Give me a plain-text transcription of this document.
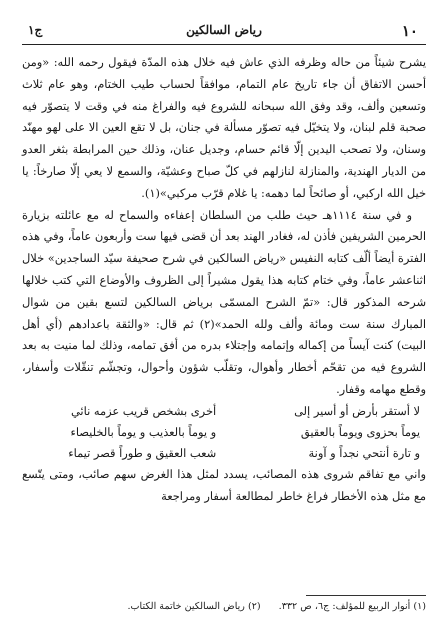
١٠
رياض السالكين
ج١

يشرح شيئاً من حاله وظرفه الذي عاش فيه خلال هذه المدّة فيقول رحمه الله: «ومن أحسن الاتفاق أن جاء تاريخ عام التمام، موافقاً لحساب طيب الختام، وهو عام ثلاث وتسعين وألف، وقد وفق الله سبحانه للشروع فيه والفراغ منه في وقت لا يتصوّر فيه صحبة قلم لبنان، ولا يتخيّل فيه تصوّر مسألة في جنان، بل لا تقع العين الا على لهو مهنّد وسنان، ولا تصحب اليدين إلّا قائم حسام، وجديل عنان، وذلك حين المرابطة بثغر العدو من الديار الهندية، والمنازلة لنازلهم في كلّ صباح وعشيّة، والسمع لا يعي إلّا صارخاً: يا خيل الله اركبي، أو صائحاً لما دهمه: يا غلام قرّب مركبي»(١).

و في سنة ١١١٤هـ حيث طلب من السلطان إعفاءه والسماح له مع عائلته بزيارة الحرمين الشريفين فأذن له، فغادر الهند بعد أن قضى فيها ست وأربعون عاماً، وفي هذه الفترة أيضاً ألّف كتابه النفيس «رياض السالكين في شرح صحيفة سيّد الساجدين» خلال اثناعشر عاماً، وفي ختام كتابه هذا يقول مشيراً إلى الظروف والأوضاع التي كتب خلالها شرحه المذكور قال: «تمّ الشرح المسمّى برياض السالكين لتسع بقين من شوال المبارك سنة ست ومائة وألف ولله الحمد»(٢) ثم قال: «والثقة باعدادهم (أي أهل البيت) كنت آيساً من إكماله وإتمامه وإجتلاء بدره من أفق تمامه، وذلك لما منيت به بعد الشروع فيه من تقحّم أخطار وأهوال، وتقلّب شؤون وأحوال، وتجشّم تنقّلات وأسفار، وقطع مهامه وقفار.

لا أستقر بأرض أو أسير إلى
أخرى بشخص قريب عزمه نائي
يوماً بحزوى ويوماً بالعقيق
و يوماً بالعذيب و يوماً بالخليصاء
و تارة أنتحي نجداً و آونة
شعب العقيق و طوراً قصر تيماء

واني مع تفاقم شروى هذه المصائب، يسدد لمثل هذا الغرض سهم صائب، ومتى يتّسع مع مثل هذه الأخطار فراغ خاطر لمطالعة أسفار ومراجعة

(١) أنوار الربيع للمؤلف: ج٦، ص ٣٣٢.
(٢) رياض السالكين خاتمة الكتاب.
